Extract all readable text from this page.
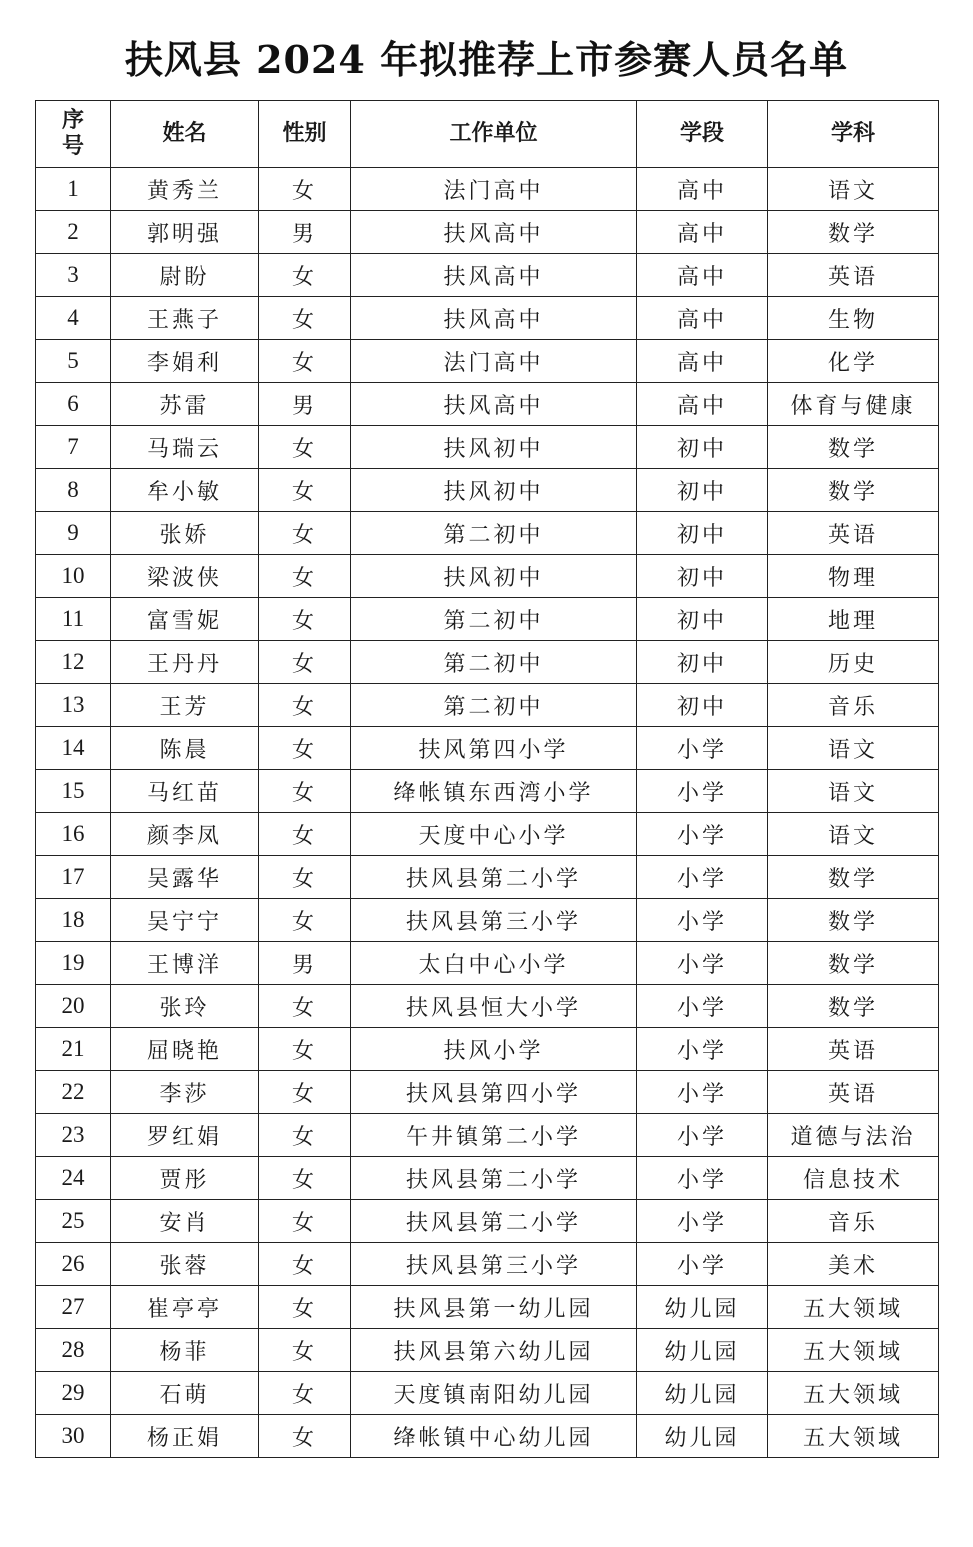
扶风县 2024 年拟推荐上市参赛人员名单
序
号	姓名	性别	工作单位	学段	学科
1	黄秀兰	女	法门高中	高中	语文
2	郭明强	男	扶风高中	高中	数学
3	尉盼	女	扶风高中	高中	英语
4	王燕子	女	扶风高中	高中	生物
5	李娟利	女	法门高中	高中	化学
6	苏雷	男	扶风高中	高中	体育与健康
7	马瑞云	女	扶风初中	初中	数学
8	牟小敏	女	扶风初中	初中	数学
9	张娇	女	第二初中	初中	英语
10	梁波侠	女	扶风初中	初中	物理
11	富雪妮	女	第二初中	初中	地理
12	王丹丹	女	第二初中	初中	历史
13	王芳	女	第二初中	初中	音乐
14	陈晨	女	扶风第四小学	小学	语文
15	马红苗	女	绛帐镇东西湾小学	小学	语文
16	颜李凤	女	天度中心小学	小学	语文
17	吴露华	女	扶风县第二小学	小学	数学
18	吴宁宁	女	扶风县第三小学	小学	数学
19	王博洋	男	太白中心小学	小学	数学
20	张玲	女	扶风县恒大小学	小学	数学
21	屈晓艳	女	扶风小学	小学	英语
22	李莎	女	扶风县第四小学	小学	英语
23	罗红娟	女	午井镇第二小学	小学	道德与法治
24	贾彤	女	扶风县第二小学	小学	信息技术
25	安肖	女	扶风县第二小学	小学	音乐
26	张蓉	女	扶风县第三小学	小学	美术
27	崔亭亭	女	扶风县第一幼儿园	幼儿园	五大领域
28	杨菲	女	扶风县第六幼儿园	幼儿园	五大领域
29	石萌	女	天度镇南阳幼儿园	幼儿园	五大领域
30	杨正娟	女	绛帐镇中心幼儿园	幼儿园	五大领域
